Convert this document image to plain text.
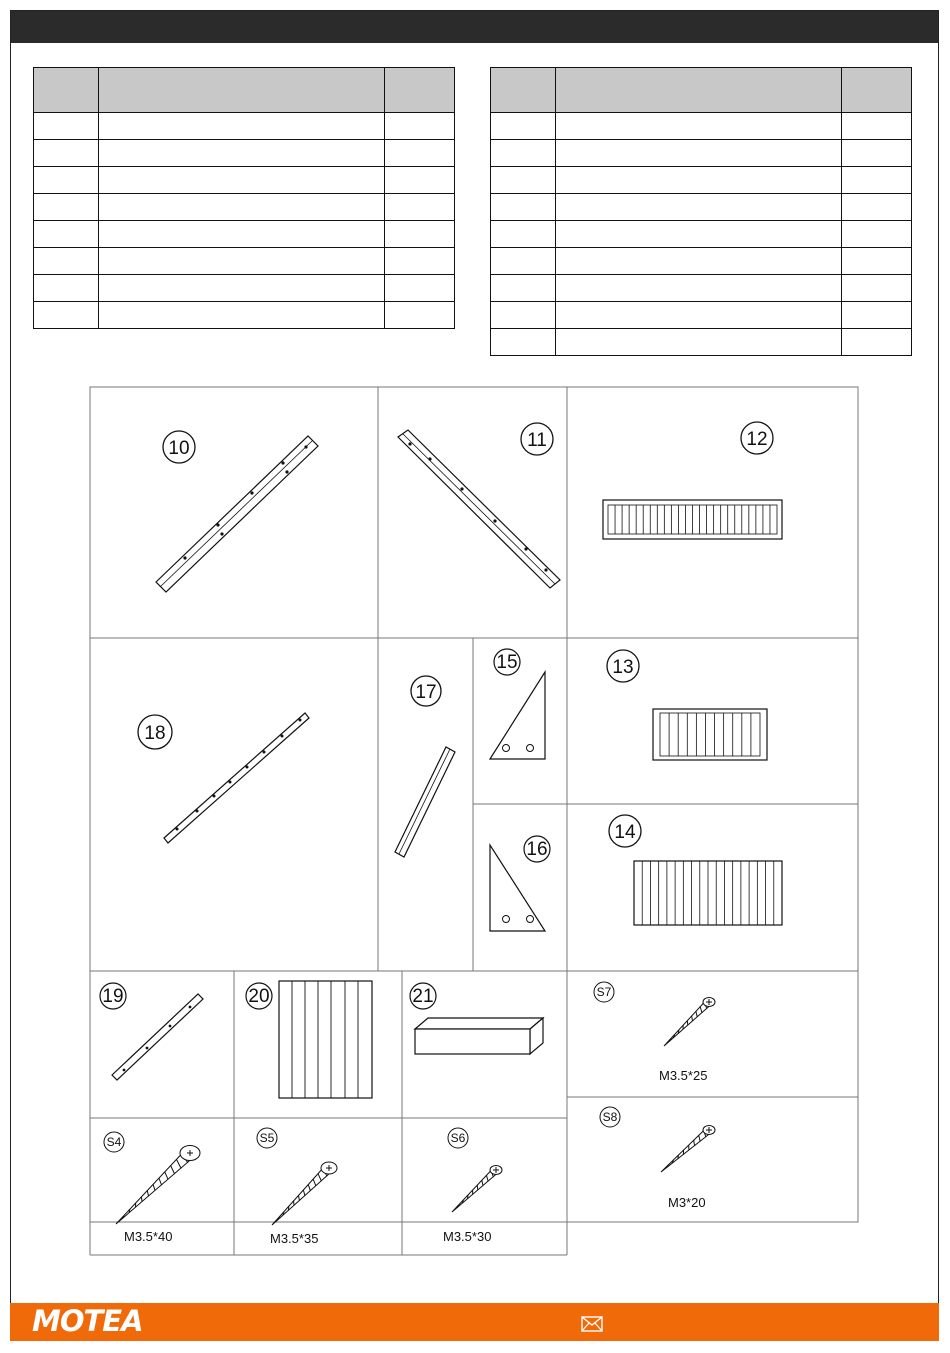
10	11	12
13
14
15
16
17
18
19	20	21
S4
M3.5*40
S5
M3.5*35
S6
M3.5*30
S7
M3.5*25
S8
M3*20
MOTEA
